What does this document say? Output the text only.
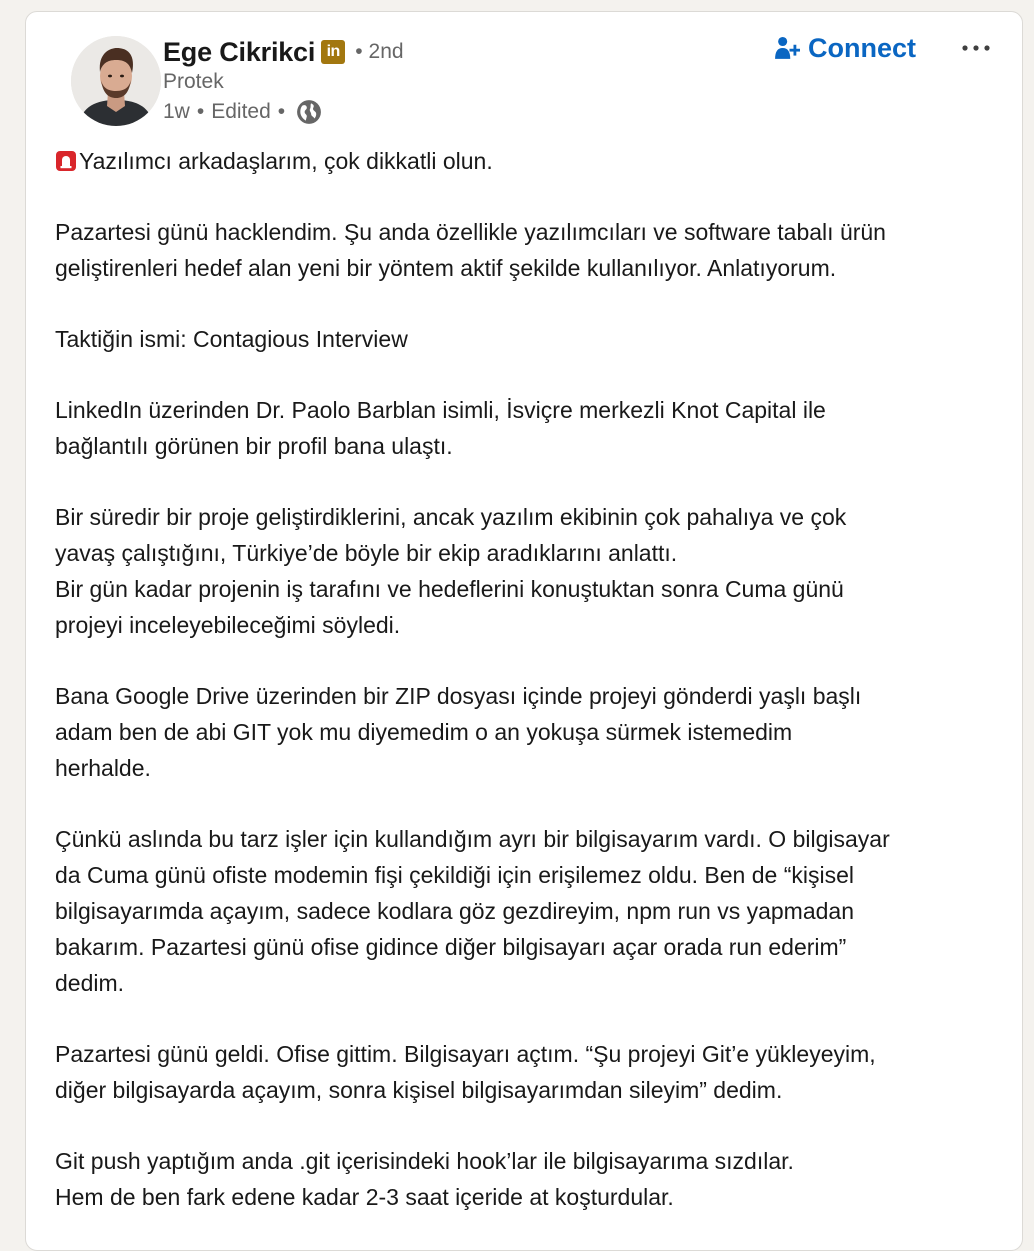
Ege Cikrikci in • 2nd
Protek
1w • Edited •
Connect
Yazılımcı arkadaşlarım, çok dikkatli olun.
Pazartesi günü hacklendim. Şu anda özellikle yazılımcıları ve software tabalı ürün
geliştirenleri hedef alan yeni bir yöntem aktif şekilde kullanılıyor. Anlatıyorum.
Taktiğin ismi: Contagious Interview
LinkedIn üzerinden Dr. Paolo Barblan isimli, İsviçre merkezli Knot Capital ile
bağlantılı görünen bir profil bana ulaştı.
Bir süredir bir proje geliştirdiklerini, ancak yazılım ekibinin çok pahalıya ve çok
yavaş çalıştığını, Türkiye’de böyle bir ekip aradıklarını anlattı.
Bir gün kadar projenin iş tarafını ve hedeflerini konuştuktan sonra Cuma günü
projeyi inceleyebileceğimi söyledi.
Bana Google Drive üzerinden bir ZIP dosyası içinde projeyi gönderdi yaşlı başlı
adam ben de abi GIT yok mu diyemedim o an yokuşa sürmek istemedim
herhalde.
Çünkü aslında bu tarz işler için kullandığım ayrı bir bilgisayarım vardı. O bilgisayar
da Cuma günü ofiste modemin fişi çekildiği için erişilemez oldu. Ben de “kişisel
bilgisayarımda açayım, sadece kodlara göz gezdireyim, npm run vs yapmadan
bakarım. Pazartesi günü ofise gidince diğer bilgisayarı açar orada run ederim”
dedim.
Pazartesi günü geldi. Ofise gittim. Bilgisayarı açtım. “Şu projeyi Git’e yükleyeyim,
diğer bilgisayarda açayım, sonra kişisel bilgisayarımdan sileyim” dedim.
Git push yaptığım anda .git içerisindeki hook’lar ile bilgisayarıma sızdılar.
Hem de ben fark edene kadar 2-3 saat içeride at koşturdular.
